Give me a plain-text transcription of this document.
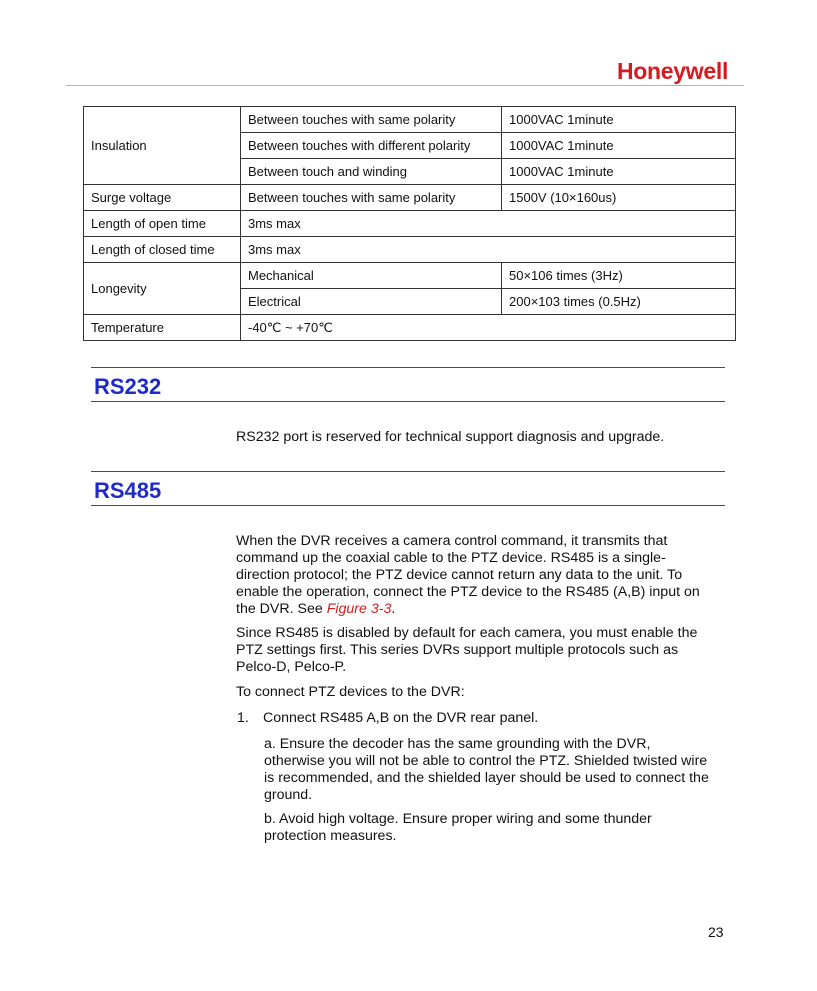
Honeywell
Insulation	Between touches with same polarity	1000VAC 1minute
	Between touches with different polarity	1000VAC 1minute
	Between touch and winding	1000VAC 1minute
Surge voltage	Between touches with same polarity	1500V (10×160us)
Length of open time	3ms max	
Length of closed time	3ms max	
Longevity	Mechanical	50×106 times (3Hz)
	Electrical	200×103 times (0.5Hz)
Temperature	-40℃ ~ +70℃	
RS232

RS232 port is reserved for technical support diagnosis and upgrade.

RS485

When the DVR receives a camera control command, it transmits that
command up the coaxial cable to the PTZ device. RS485 is a single-
direction protocol; the PTZ device cannot return any data to the unit. To
enable the operation, connect the PTZ device to the RS485 (A,B) input on
the DVR. See Figure 3-3.

Since RS485 is disabled by default for each camera, you must enable the
PTZ settings first. This series DVRs support multiple protocols such as
Pelco-D, Pelco-P.

To connect PTZ devices to the DVR:

1. Connect RS485 A,B on the DVR rear panel.

a. Ensure the decoder has the same grounding with the DVR,
otherwise you will not be able to control the PTZ. Shielded twisted wire
is recommended, and the shielded layer should be used to connect the
ground.

b. Avoid high voltage. Ensure proper wiring and some thunder
protection measures.

23
